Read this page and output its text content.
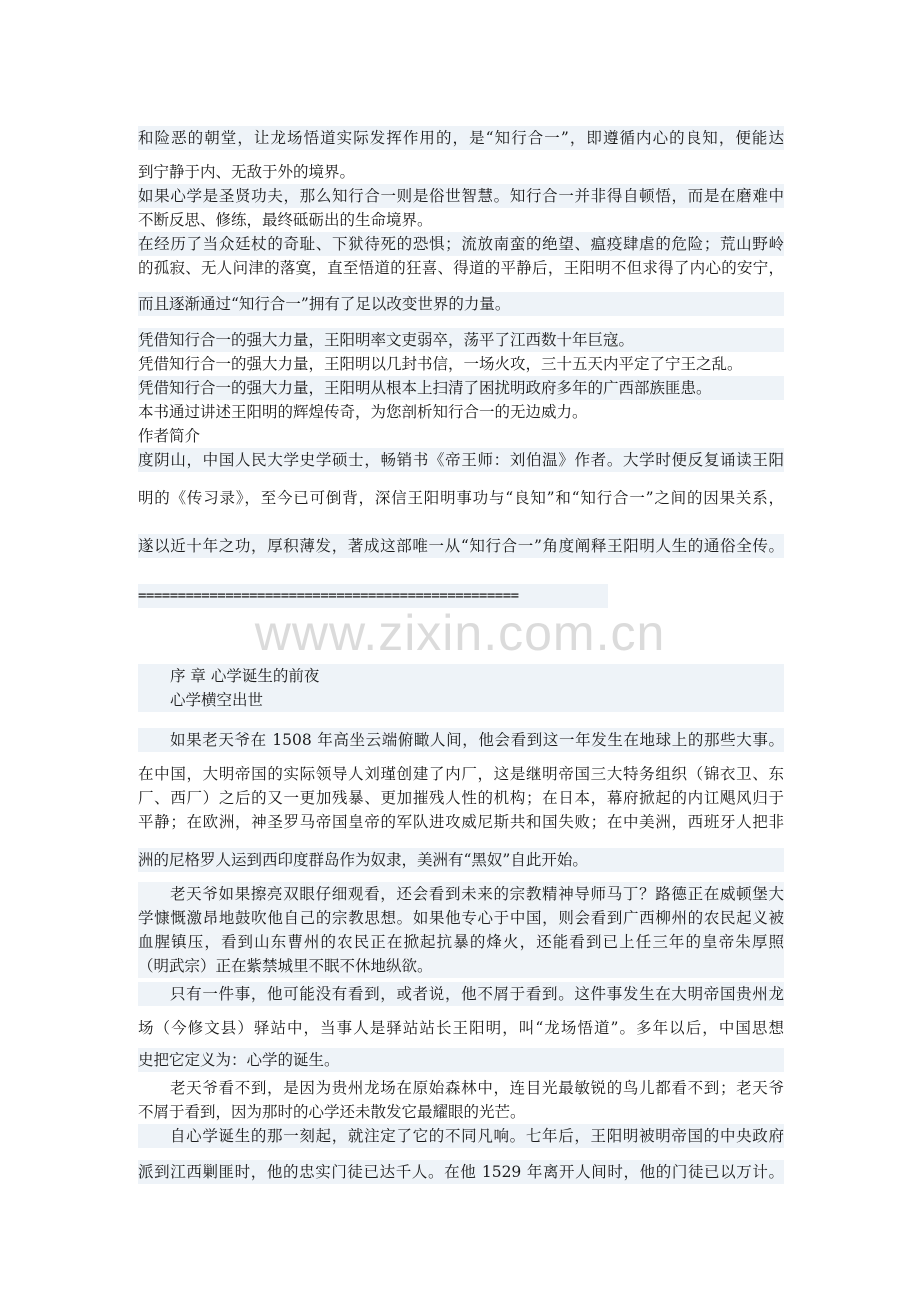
和险恶的朝堂，让龙场悟道实际发挥作用的，是“知行合一”，即遵循内心的良知，便能达
到宁静于内、无敌于外的境界。
如果心学是圣贤功夫，那么知行合一则是俗世智慧。知行合一并非得自顿悟，而是在磨难中
不断反思、修练，最终砥砺出的生命境界。
在经历了当众廷杖的奇耻、下狱待死的恐惧；流放南蛮的绝望、瘟疫肆虐的危险；荒山野岭
的孤寂、无人问津的落寞，直至悟道的狂喜、得道的平静后，王阳明不但求得了内心的安宁，
而且逐渐通过“知行合一”拥有了足以改变世界的力量。
凭借知行合一的强大力量，王阳明率文吏弱卒，荡平了江西数十年巨寇。
凭借知行合一的强大力量，王阳明以几封书信，一场火攻，三十五天内平定了宁王之乱。
凭借知行合一的强大力量，王阳明从根本上扫清了困扰明政府多年的广西部族匪患。
本书通过讲述王阳明的辉煌传奇，为您剖析知行合一的无边威力。
作者简介
度阴山，中国人民大学史学硕士，畅销书《帝王师：刘伯温》作者。大学时便反复诵读王阳
明的《传习录》，至今已可倒背，深信王阳明事功与“良知”和“知行合一”之间的因果关系，
遂以近十年之功，厚积薄发，著成这部唯一从“知行合一”角度阐释王阳明人生的通俗全传。
================================================
www.zixin.com.cn
序 章 心学诞生的前夜
心学横空出世
如果老天爷在 1508 年高坐云端俯瞰人间，他会看到这一年发生在地球上的那些大事。
在中国，大明帝国的实际领导人刘瑾创建了内厂，这是继明帝国三大特务组织（锦衣卫、东
厂、西厂）之后的又一更加残暴、更加摧残人性的机构；在日本，幕府掀起的内讧飓风归于
平静；在欧洲，神圣罗马帝国皇帝的军队进攻威尼斯共和国失败；在中美洲，西班牙人把非
洲的尼格罗人运到西印度群岛作为奴隶，美洲有“黑奴”自此开始。
老天爷如果擦亮双眼仔细观看，还会看到未来的宗教精神导师马丁？路德正在威顿堡大
学慷慨激昂地鼓吹他自己的宗教思想。如果他专心于中国，则会看到广西柳州的农民起义被
血腥镇压，看到山东曹州的农民正在掀起抗暴的烽火，还能看到已上任三年的皇帝朱厚照
（明武宗）正在紫禁城里不眠不休地纵欲。
只有一件事，他可能没有看到，或者说，他不屑于看到。这件事发生在大明帝国贵州龙
场（今修文县）驿站中，当事人是驿站站长王阳明，叫“龙场悟道”。多年以后，中国思想
史把它定义为：心学的诞生。
老天爷看不到，是因为贵州龙场在原始森林中，连目光最敏锐的鸟儿都看不到；老天爷
不屑于看到，因为那时的心学还未散发它最耀眼的光芒。
自心学诞生的那一刻起，就注定了它的不同凡响。七年后，王阳明被明帝国的中央政府
派到江西剿匪时，他的忠实门徒已达千人。在他 1529 年离开人间时，他的门徒已以万计。
